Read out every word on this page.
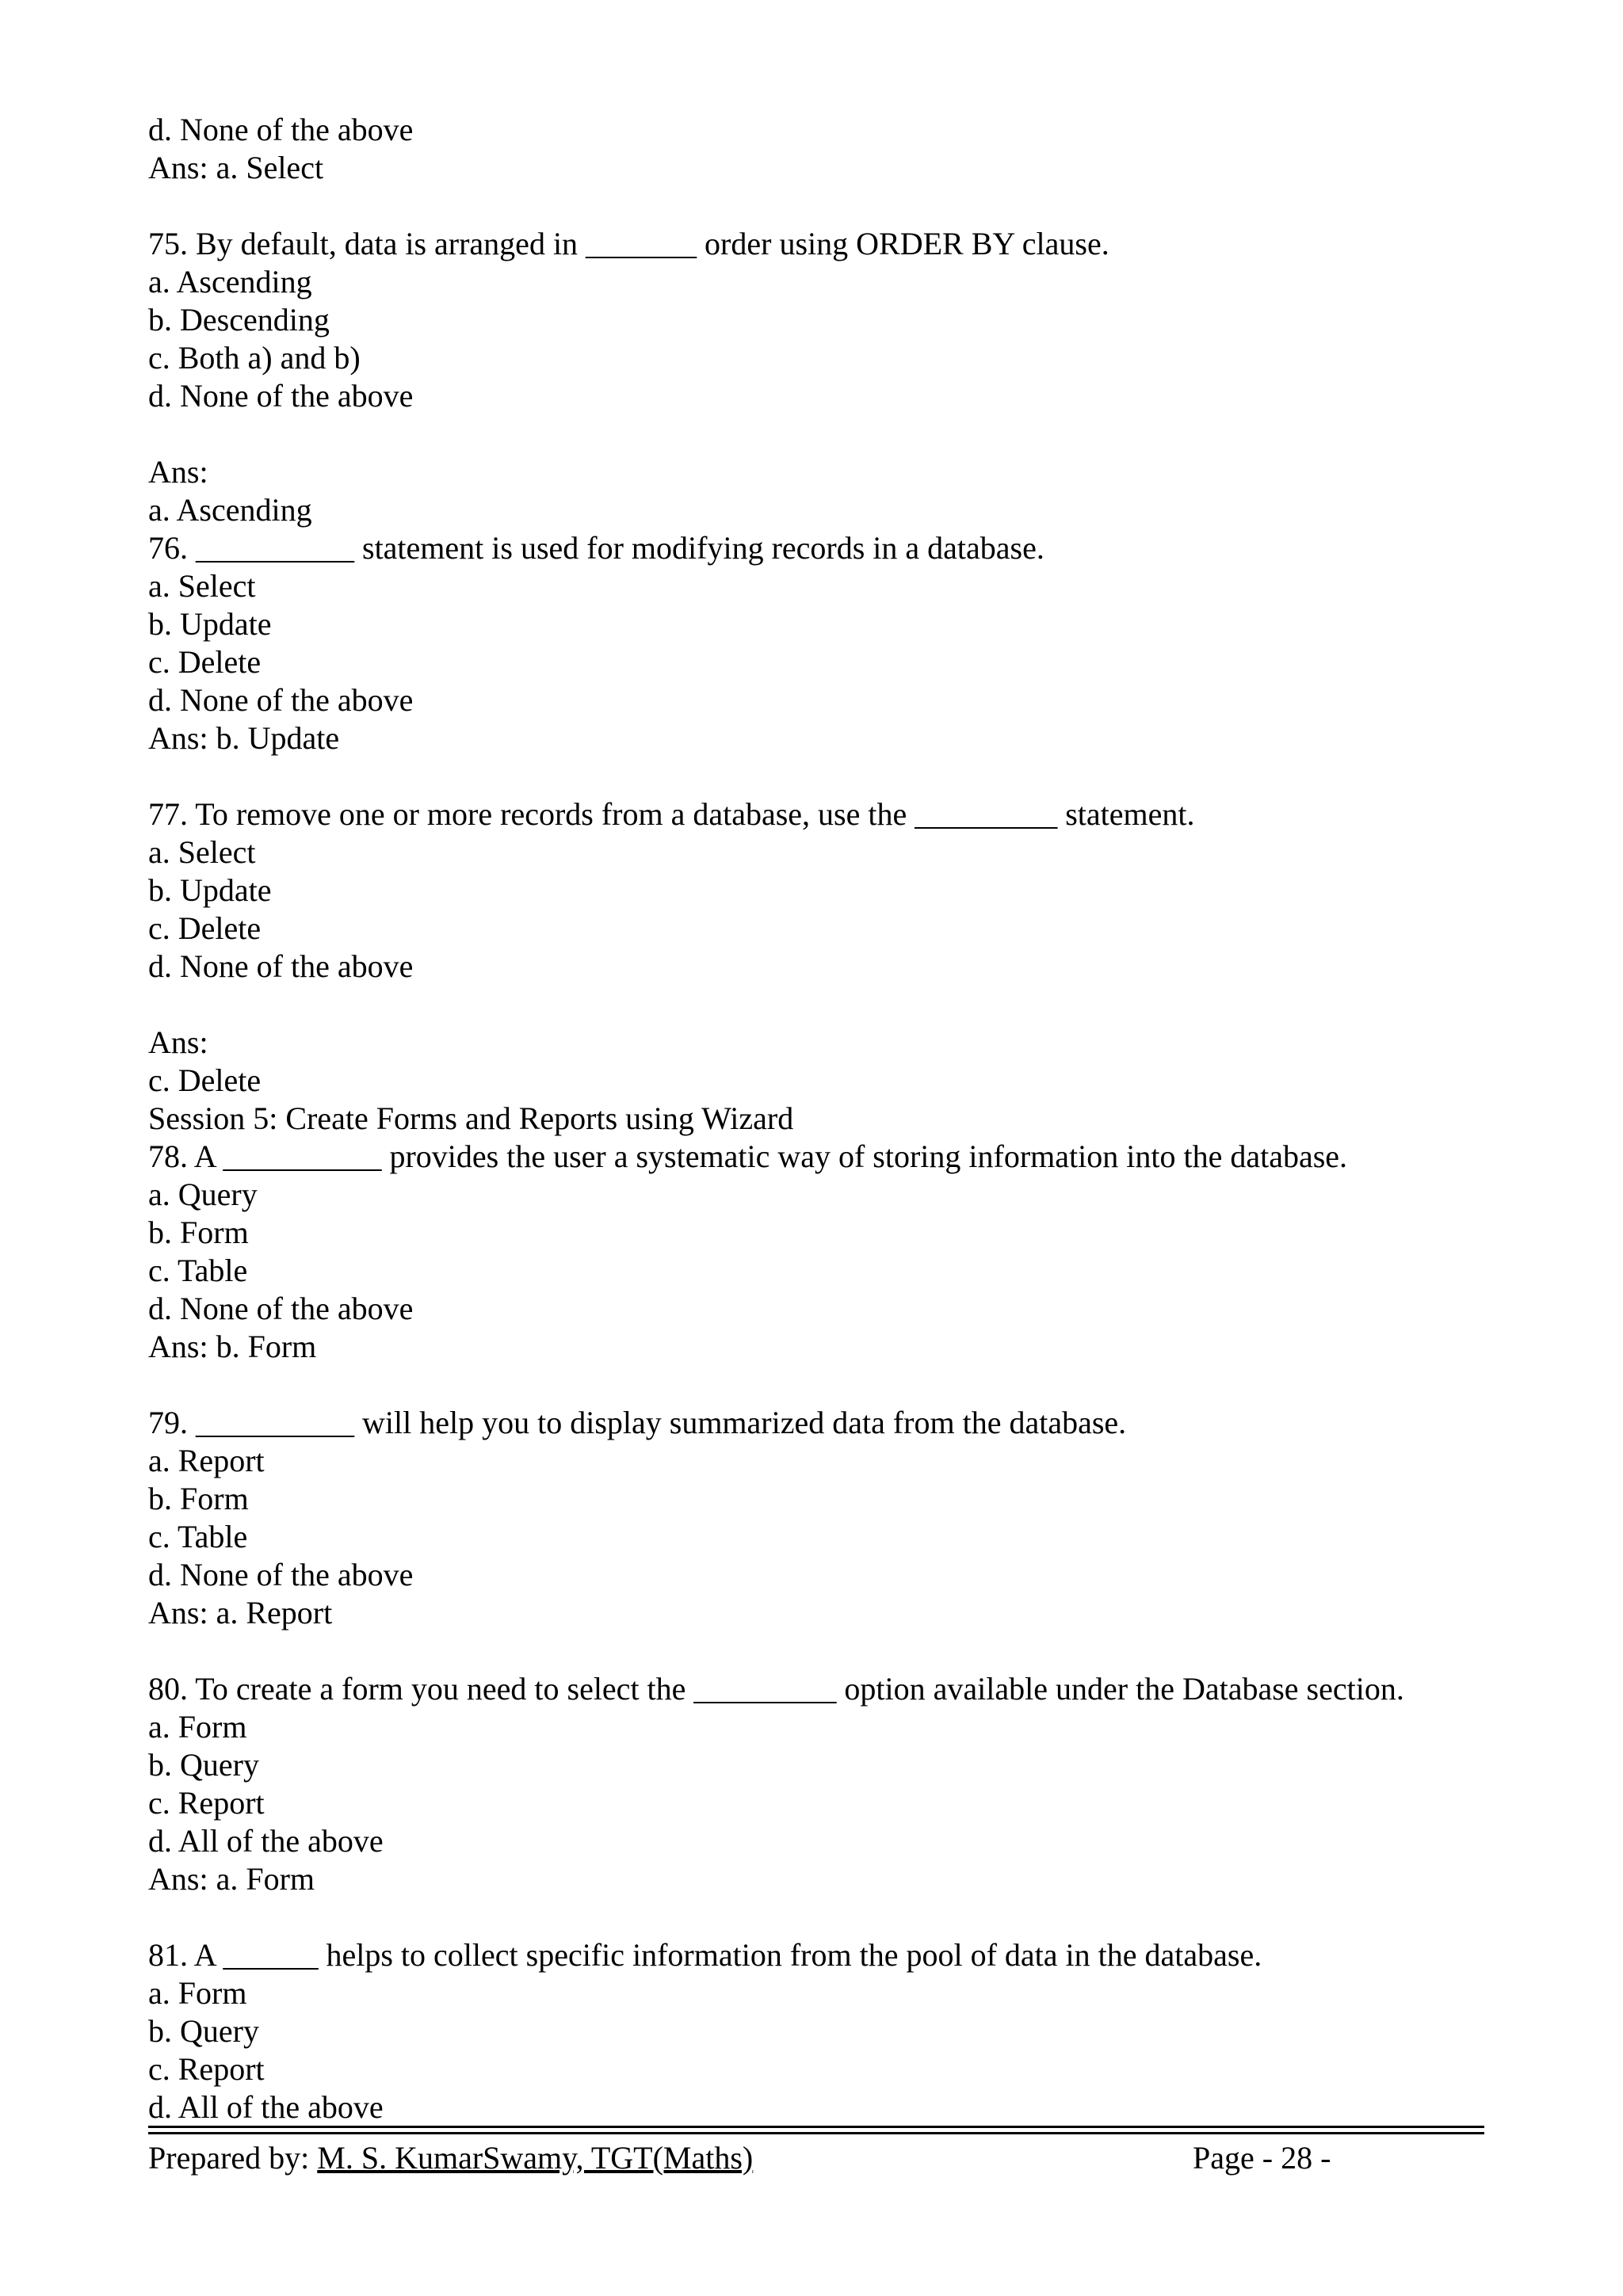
d. None of the above
Ans: a. Select
75. By default, data is arranged in _______ order using ORDER BY clause.
a. Ascending
b. Descending
c. Both a) and b)
d. None of the above
Ans:
a. Ascending
76. __________ statement is used for modifying records in a database.
a. Select
b. Update
c. Delete
d. None of the above
Ans: b. Update
77. To remove one or more records from a database, use the _________ statement.
a. Select
b. Update
c. Delete
d. None of the above
Ans:
c. Delete
Session 5: Create Forms and Reports using Wizard
78. A __________ provides the user a systematic way of storing information into the database.
a. Query
b. Form
c. Table
d. None of the above
Ans: b. Form
79. __________ will help you to display summarized data from the database.
a. Report
b. Form
c. Table
d. None of the above
Ans: a. Report
80. To create a form you need to select the _________ option available under the Database section.
a. Form
b. Query
c. Report
d. All of the above
Ans: a. Form
81. A ______ helps to collect specific information from the pool of data in the database.
a. Form
b. Query
c. Report
d. All of the above
Prepared by: M. S. KumarSwamy, TGT(Maths)	Page - 28 -
